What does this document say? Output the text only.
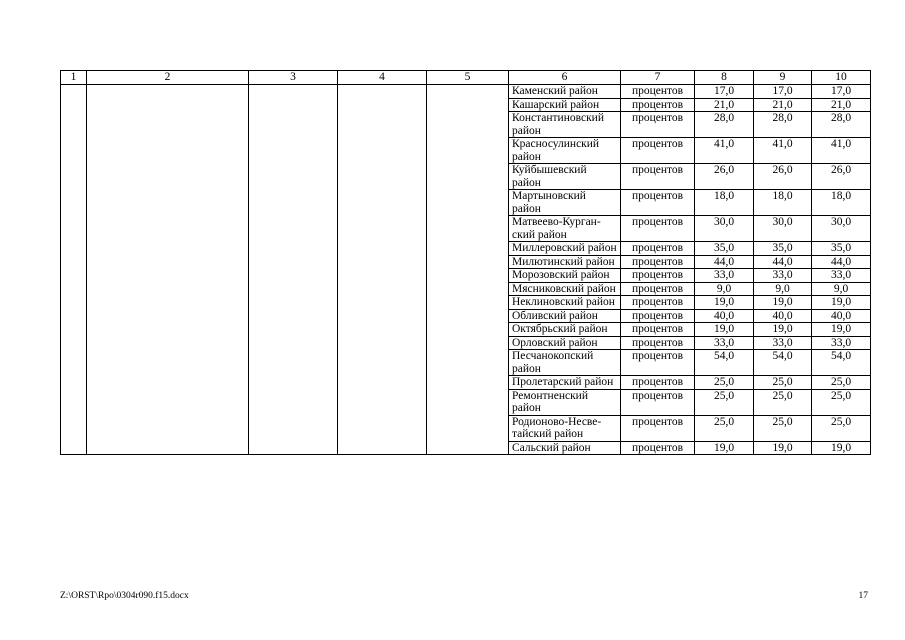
1	2	3	4	5	6	7	8	9	10
					Каменский район	процентов	17,0	17,0	17,0
					Кашарский район	процентов	21,0	21,0	21,0
					Константиновский район	процентов	28,0	28,0	28,0
					Красносулинский район	процентов	41,0	41,0	41,0
					Куйбышевский район	процентов	26,0	26,0	26,0
					Мартыновский район	процентов	18,0	18,0	18,0
					Матвеево-Курган-ский район	процентов	30,0	30,0	30,0
					Миллеровский район	процентов	35,0	35,0	35,0
					Милютинский район	процентов	44,0	44,0	44,0
					Морозовский район	процентов	33,0	33,0	33,0
					Мясниковский район	процентов	9,0	9,0	9,0
					Неклиновский район	процентов	19,0	19,0	19,0
					Обливский район	процентов	40,0	40,0	40,0
					Октябрьский район	процентов	19,0	19,0	19,0
					Орловский район	процентов	33,0	33,0	33,0
					Песчанокопский район	процентов	54,0	54,0	54,0
					Пролетарский район	процентов	25,0	25,0	25,0
					Ремонтненский район	процентов	25,0	25,0	25,0
					Родионово-Несве-тайский район	процентов	25,0	25,0	25,0
					Сальский район	процентов	19,0	19,0	19,0
Z:\ORST\Rpo\0304r090.f15.docx	17
